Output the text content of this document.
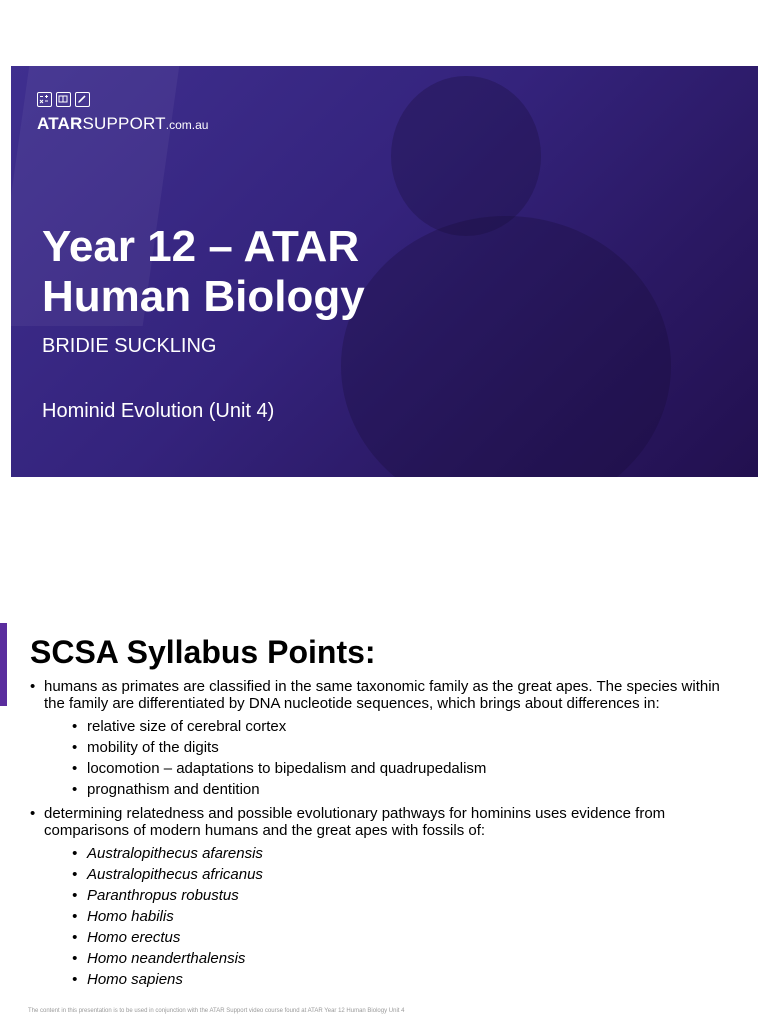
ATARSUPPORT.com.au
Year 12 – ATAR
Human Biology
BRIDIE SUCKLING
Hominid Evolution (Unit 4)
SCSA Syllabus Points:
• humans as primates are classified in the same taxonomic family as the great apes. The species within the family are differentiated by DNA nucleotide sequences, which brings about differences in:
• relative size of cerebral cortex
• mobility of the digits
• locomotion – adaptations to bipedalism and quadrupedalism
• prognathism and dentition
• determining relatedness and possible evolutionary pathways for hominins uses evidence from comparisons of modern humans and the great apes with fossils of:
• Australopithecus afarensis
• Australopithecus africanus
• Paranthropus robustus
• Homo habilis
• Homo erectus
• Homo neanderthalensis
• Homo sapiens
The content in this presentation is to be used in conjunction with the ATAR Support video course found at ATAR Year 12 Human Biology Unit 4
